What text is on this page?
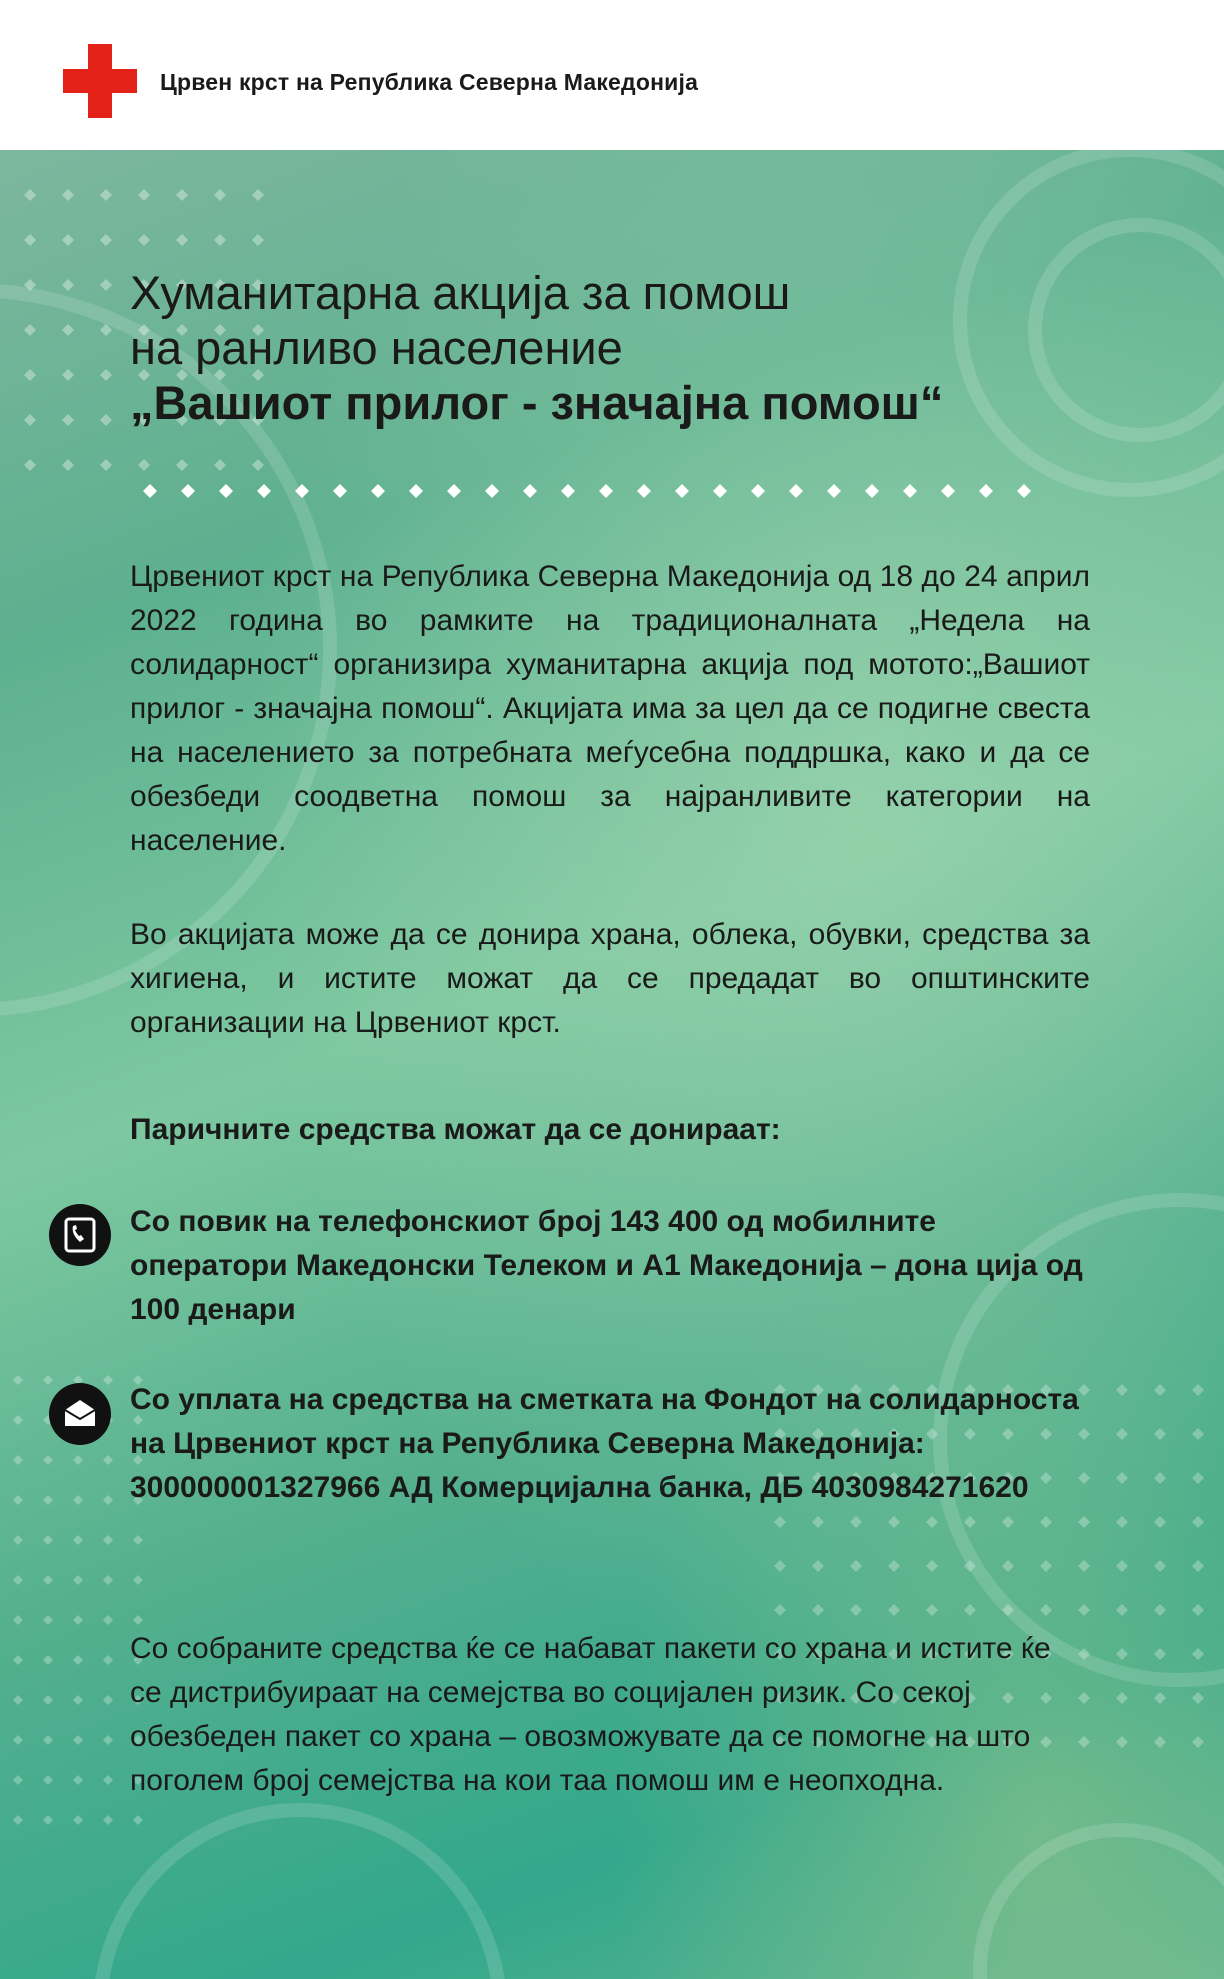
Црвен крст на Република Северна Македонија
Хуманитарна акција за помош
на ранливо население
„Вашиот прилог - значајна помош“
Црвениот крст на Република Северна Македонија од 18 до 24 април 2022 година во рамките на традиционалната „Недела на солидарност“ организира хуманитарна акција под мотото:„Вашиот прилог - значајна помош“. Акцијата има за цел да се подигне свеста на населението за потребната меѓусебна поддршка, како и да се обезбеди соодветна помош за најранливите категории на население.
Во акцијата може да се донира храна, облека, обувки, средства за хигиена, и истите можат да се предадат во општинските организации на Црвениот крст.
Паричните средства можат да се донираат:
Со повик на телефонскиот број 143 400 од мобилните оператори Македонски Телеком и А1 Македонија – дона ција од 100 денари
Со уплата на средства на сметката на Фондот на солидарноста на Црвениот крст на Република Северна Македонија: 300000001327966 АД Комерцијална банка, ДБ 4030984271620
Со собраните средства ќе се набават пакети со храна и истите ќе се дистрибуираат на семејства во социјален ризик. Со секој обезбеден пакет со храна – овозможувате да се помогне на што поголем број семејства на кои таа помош им е неопходна.
